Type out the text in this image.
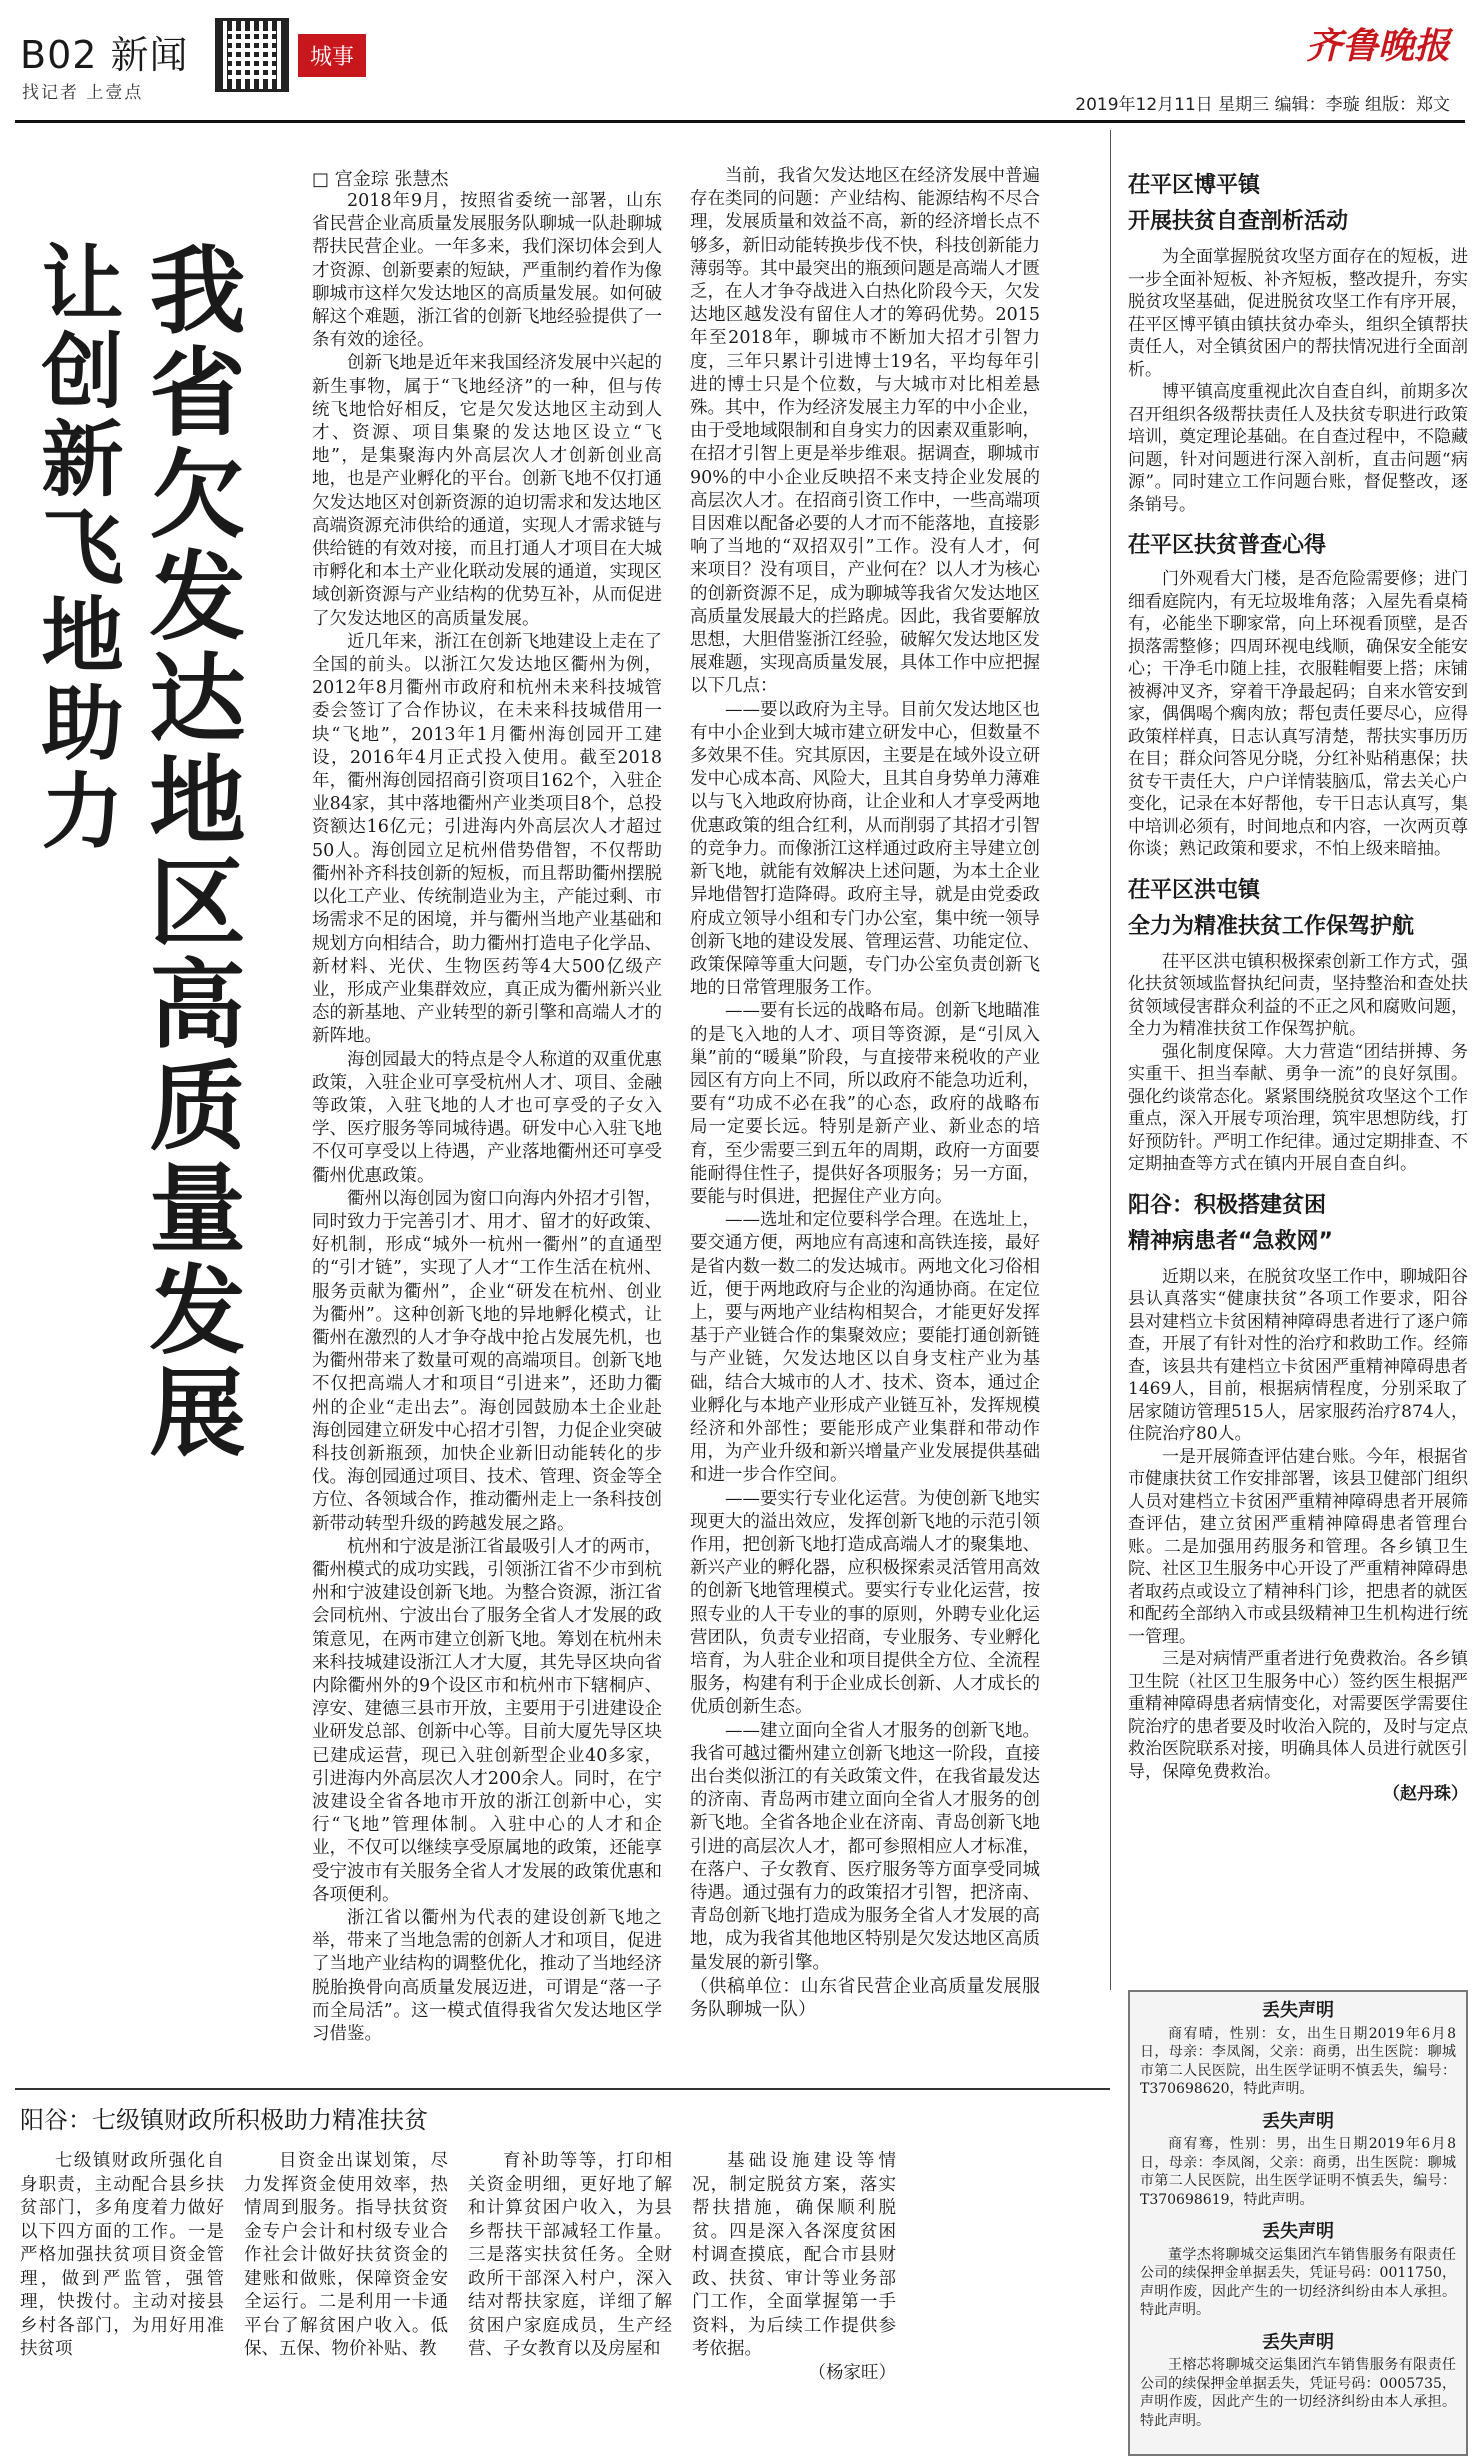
B02 新闻
找记者 上壹点
城事	齐鲁晚报
2019年12月11日 星期三 编辑：李璇 组版：郑文
我省欠发达地区高质量发展
让创新飞地助力
□ 宫金琮 张慧杰

2018年9月，按照省委统一部署，山东省民营企业高质量发展服务队聊城一队赴聊城帮扶民营企业。一年多来，我们深切体会到人才资源、创新要素的短缺，严重制约着作为像聊城市这样欠发达地区的高质量发展。如何破解这个难题，浙江省的创新飞地经验提供了一条有效的途径。

创新飞地是近年来我国经济发展中兴起的新生事物，属于“飞地经济”的一种，但与传统飞地恰好相反，它是欠发达地区主动到人才、资源、项目集聚的发达地区设立“飞地”，是集聚海内外高层次人才创新创业高地，也是产业孵化的平台。创新飞地不仅打通欠发达地区对创新资源的迫切需求和发达地区高端资源充沛供给的通道，实现人才需求链与供给链的有效对接，而且打通人才项目在大城市孵化和本土产业化联动发展的通道，实现区域创新资源与产业结构的优势互补，从而促进了欠发达地区的高质量发展。

近几年来，浙江在创新飞地建设上走在了全国的前头。以浙江欠发达地区衢州为例，2012年8月衢州市政府和杭州未来科技城管委会签订了合作协议，在未来科技城借用一块“飞地”，2013年1月衢州海创园开工建设，2016年4月正式投入使用。截至2018年，衢州海创园招商引资项目162个，入驻企业84家，其中落地衢州产业类项目8个，总投资额达16亿元；引进海内外高层次人才超过50人。海创园立足杭州借势借智，不仅帮助衢州补齐科技创新的短板，而且帮助衢州摆脱以化工产业、传统制造业为主，产能过剩、市场需求不足的困境，并与衢州当地产业基础和规划方向相结合，助力衢州打造电子化学品、新材料、光伏、生物医药等4大500亿级产业，形成产业集群效应，真正成为衢州新兴业态的新基地、产业转型的新引擎和高端人才的新阵地。

海创园最大的特点是令人称道的双重优惠政策，入驻企业可享受杭州人才、项目、金融等政策，入驻飞地的人才也可享受的子女入学、医疗服务等同城待遇。研发中心入驻飞地不仅可享受以上待遇，产业落地衢州还可享受衢州优惠政策。

衢州以海创园为窗口向海内外招才引智，同时致力于完善引才、用才、留才的好政策、好机制，形成“城外一杭州一衢州”的直通型的“引才链”，实现了人才“工作生活在杭州、服务贡献为衢州”，企业“研发在杭州、创业为衢州”。这种创新飞地的异地孵化模式，让衢州在激烈的人才争夺战中抢占发展先机，也为衢州带来了数量可观的高端项目。创新飞地不仅把高端人才和项目“引进来”，还助力衢州的企业“走出去”。海创园鼓励本土企业赴海创园建立研发中心招才引智，力促企业突破科技创新瓶颈，加快企业新旧动能转化的步伐。海创园通过项目、技术、管理、资金等全方位、各领域合作，推动衢州走上一条科技创新带动转型升级的跨越发展之路。

杭州和宁波是浙江省最吸引人才的两市，衢州模式的成功实践，引领浙江省不少市到杭州和宁波建设创新飞地。为整合资源，浙江省会同杭州、宁波出台了服务全省人才发展的政策意见，在两市建立创新飞地。筹划在杭州未来科技城建设浙江人才大厦，其先导区块向省内除衢州外的9个设区市和杭州市下辖桐庐、淳安、建德三县市开放，主要用于引进建设企业研发总部、创新中心等。目前大厦先导区块已建成运营，现已入驻创新型企业40多家，引进海内外高层次人才200余人。同时，在宁波建设全省各地市开放的浙江创新中心，实行“飞地”管理体制。入驻中心的人才和企业，不仅可以继续享受原属地的政策，还能享受宁波市有关服务全省人才发展的政策优惠和各项便利。

浙江省以衢州为代表的建设创新飞地之举，带来了当地急需的创新人才和项目，促进了当地产业结构的调整优化，推动了当地经济脱胎换骨向高质量发展迈进，可谓是“落一子而全局活”。这一模式值得我省欠发达地区学习借鉴。

当前，我省欠发达地区在经济发展中普遍存在类同的问题：产业结构、能源结构不尽合理，发展质量和效益不高，新的经济增长点不够多，新旧动能转换步伐不快，科技创新能力薄弱等。其中最突出的瓶颈问题是高端人才匮乏，在人才争夺战进入白热化阶段今天，欠发达地区越发没有留住人才的筹码优势。2015年至2018年，聊城市不断加大招才引智力度，三年只累计引进博士19名，平均每年引进的博士只是个位数，与大城市对比相差悬殊。其中，作为经济发展主力军的中小企业，由于受地域限制和自身实力的因素双重影响，在招才引智上更是举步维艰。据调查，聊城市90%的中小企业反映招不来支持企业发展的高层次人才。在招商引资工作中，一些高端项目因难以配备必要的人才而不能落地，直接影响了当地的“双招双引”工作。没有人才，何来项目？没有项目，产业何在？以人才为核心的创新资源不足，成为聊城等我省欠发达地区高质量发展最大的拦路虎。因此，我省要解放思想，大胆借鉴浙江经验，破解欠发达地区发展难题，实现高质量发展，具体工作中应把握以下几点：

——要以政府为主导。目前欠发达地区也有中小企业到大城市建立研发中心，但数量不多效果不佳。究其原因，主要是在域外设立研发中心成本高、风险大，且其自身势单力薄难以与飞入地政府协商，让企业和人才享受两地优惠政策的组合红利，从而削弱了其招才引智的竞争力。而像浙江这样通过政府主导建立创新飞地，就能有效解决上述问题，为本土企业异地借智打造降碍。政府主导，就是由党委政府成立领导小组和专门办公室，集中统一领导创新飞地的建设发展、管理运营、功能定位、政策保障等重大问题，专门办公室负责创新飞地的日常管理服务工作。

——要有长远的战略布局。创新飞地瞄准的是飞入地的人才、项目等资源，是“引凤入巢”前的“暖巢”阶段，与直接带来税收的产业园区有方向上不同，所以政府不能急功近利，要有“功成不必在我”的心态，政府的战略布局一定要长远。特别是新产业、新业态的培育，至少需要三到五年的周期，政府一方面要能耐得住性子，提供好各项服务；另一方面，要能与时俱进，把握住产业方向。

——选址和定位要科学合理。在选址上，要交通方便，两地应有高速和高铁连接，最好是省内数一数二的发达城市。两地文化习俗相近，便于两地政府与企业的沟通协商。在定位上，要与两地产业结构相契合，才能更好发挥基于产业链合作的集聚效应；要能打通创新链与产业链，欠发达地区以自身支柱产业为基础，结合大城市的人才、技术、资本，通过企业孵化与本地产业形成产业链互补，发挥规模经济和外部性；要能形成产业集群和带动作用，为产业升级和新兴增量产业发展提供基础和进一步合作空间。

——要实行专业化运营。为使创新飞地实现更大的溢出效应，发挥创新飞地的示范引领作用，把创新飞地打造成高端人才的聚集地、新兴产业的孵化器，应积极探索灵活管用高效的创新飞地管理模式。要实行专业化运营，按照专业的人干专业的事的原则，外聘专业化运营团队，负责专业招商，专业服务、专业孵化培育，为人驻企业和项目提供全方位、全流程服务，构建有利于企业成长创新、人才成长的优质创新生态。

——建立面向全省人才服务的创新飞地。我省可越过衢州建立创新飞地这一阶段，直接出台类似浙江的有关政策文件，在我省最发达的济南、青岛两市建立面向全省人才服务的创新飞地。全省各地企业在济南、青岛创新飞地引进的高层次人才，都可参照相应人才标准，在落户、子女教育、医疗服务等方面享受同城待遇。通过强有力的政策招才引智，把济南、青岛创新飞地打造成为服务全省人才发展的高地，成为我省其他地区特别是欠发达地区高质量发展的新引擎。

（供稿单位：山东省民营企业高质量发展服务队聊城一队）

茌平区博平镇
开展扶贫自查剖析活动

为全面掌握脱贫攻坚方面存在的短板，进一步全面补短板、补齐短板，整改提升，夯实脱贫攻坚基础，促进脱贫攻坚工作有序开展，茌平区博平镇由镇扶贫办牵头，组织全镇帮扶责任人，对全镇贫困户的帮扶情况进行全面剖析。

博平镇高度重视此次自查自纠，前期多次召开组织各级帮扶责任人及扶贫专职进行政策培训，奠定理论基础。在自查过程中，不隐藏问题，针对问题进行深入剖析，直击问题“病源”。同时建立工作问题台账，督促整改，逐条销号。

茌平区扶贫普查心得

门外观看大门楼，是否危险需要修；进门细看庭院内，有无垃圾堆角落；入屋先看桌椅有，必能坐下聊家常，向上环视看顶壁，是否损落需整修；四周环视电线顺，确保安全能安心；干净毛巾随上挂，衣服鞋帽要上搭；床铺被褥冲叉齐，穿着干净最起码；自来水管安到家，偶偶喝个瘸肉放；帮包责任要尽心，应得政策样样真，日志认真写清楚，帮扶实事历历在目；群众问答见分晓，分红补贴稍惠保；扶贫专干责任大，户户详情装脑瓜，常去关心户变化，记录在本好帮他，专干日志认真写，集中培训必须有，时间地点和内容，一次两页尊你谈；熟记政策和要求，不怕上级来暗抽。

茌平区洪屯镇
全力为精准扶贫工作保驾护航

茌平区洪屯镇积极探索创新工作方式，强化扶贫领域监督执纪问责，坚持整治和查处扶贫领域侵害群众利益的不正之风和腐败问题，全力为精准扶贫工作保驾护航。

强化制度保障。大力营造“团结拼搏、务实重干、担当奉献、勇争一流”的良好氛围。强化约谈常态化。紧紧围绕脱贫攻坚这个工作重点，深入开展专项治理，筑牢思想防线，打好预防针。严明工作纪律。通过定期排查、不定期抽查等方式在镇内开展自查自纠。

阳谷：积极搭建贫困
精神病患者“急救网”

近期以来，在脱贫攻坚工作中，聊城阳谷县认真落实“健康扶贫”各项工作要求，阳谷县对建档立卡贫困精神障碍患者进行了逐户筛查，开展了有针对性的治疗和救助工作。经筛查，该县共有建档立卡贫困严重精神障碍患者1469人，目前，根据病情程度，分别采取了居家随访管理515人，居家服药治疗874人，住院治疗80人。

一是开展筛查评估建台账。今年，根据省市健康扶贫工作安排部署，该县卫健部门组织人员对建档立卡贫困严重精神障碍患者开展筛查评估，建立贫困严重精神障碍患者管理台账。二是加强用药服务和管理。各乡镇卫生院、社区卫生服务中心开设了严重精神障碍患者取药点或设立了精神科门诊，把患者的就医和配药全部纳入市或县级精神卫生机构进行统一管理。

三是对病情严重者进行免费救治。各乡镇卫生院（社区卫生服务中心）签约医生根据严重精神障碍患者病情变化，对需要医学需要住院治疗的患者要及时收治入院的，及时与定点救治医院联系对接，明确具体人员进行就医引导，保障免费救治。

（赵丹珠）
丢失声明

商宥晴，性别：女，出生日期2019年6月8日，母亲：李凤阁，父亲：商勇，出生医院：聊城市第二人民医院，出生医学证明不慎丢失，编号：T370698620，特此声明。

丢失声明

商宥骞，性别：男，出生日期2019年6月8日，母亲：李凤阁，父亲：商勇，出生医院：聊城市第二人民医院，出生医学证明不慎丢失，编号：T370698619，特此声明。

丢失声明

董学杰将聊城交运集团汽车销售服务有限责任公司的续保押金单据丢失，凭证号码：0011750，声明作废，因此产生的一切经济纠纷由本人承担。特此声明。

丢失声明

王榕芯将聊城交运集团汽车销售服务有限责任公司的续保押金单据丢失，凭证号码：0005735，声明作废，因此产生的一切经济纠纷由本人承担。特此声明。

阳谷：七级镇财政所积极助力精准扶贫

七级镇财政所强化自身职责，主动配合县乡扶贫部门，多角度着力做好以下四方面的工作。一是严格加强扶贫项目资金管理，做到严监管，强管理，快拨付。主动对接县乡村各部门，为用好用准扶贫项

目资金出谋划策，尽力发挥资金使用效率，热情周到服务。指导扶贫资金专户会计和村级专业合作社会计做好扶贫资金的建账和做账，保障资金安全运行。二是利用一卡通平台了解贫困户收入。低保、五保、物价补贴、教

育补助等等，打印相关资金明细，更好地了解和计算贫困户收入，为县乡帮扶干部减轻工作量。三是落实扶贫任务。全财政所干部深入村户，深入结对帮扶家庭，详细了解贫困户家庭成员，生产经营、子女教育以及房屋和

基础设施建设等情况，制定脱贫方案，落实帮扶措施，确保顺利脱贫。四是深入各深度贫困村调查摸底，配合市县财政、扶贫、审计等业务部门工作，全面掌握第一手资料，为后续工作提供参考依据。

（杨家旺）
